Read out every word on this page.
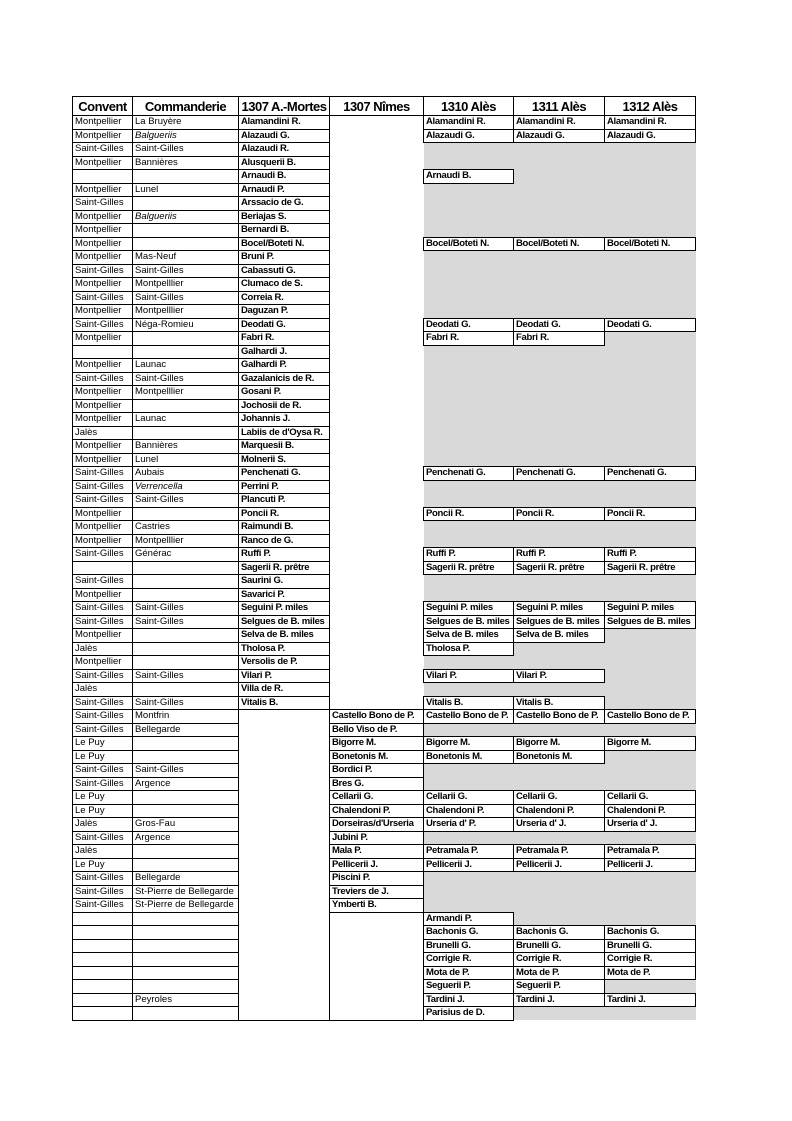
Convent	Commanderie	1307 A.-Mortes	1307 Nîmes	1310 Alès	1311 Alès	1312 Alès
Montpellier	La Bruyère	Alamandini R.		Alamandini R.	Alamandini R.	Alamandini R.
Montpellier	Balgueriis	Alazaudi G.		Alazaudi G.	Alazaudi G.	Alazaudi G.
Saint-Gilles	Saint-Gilles	Alazaudi R.				
Montpellier	Bannières	Alusquerii B.				
		Arnaudi B.		Arnaudi B.		
Montpellier	Lunel	Arnaudi P.				
Saint-Gilles		Arssacio de G.				
Montpellier	Balgueriis	Beriajas S.				
Montpellier		Bernardi B.				
Montpellier		Bocel/Boteti N.		Bocel/Boteti N.	Bocel/Boteti N.	Bocel/Boteti N.
Montpellier	Mas-Neuf	Bruni P.				
Saint-Gilles	Saint-Gilles	Cabassuti G.				
Montpellier	Montpelllier	Clumaco de S.				
Saint-Gilles	Saint-Gilles	Correia R.				
Montpellier	Montpelllier	Daguzan P.				
Saint-Gilles	Néga-Romieu	Deodati G.		Deodati G.	Deodati G.	Deodati G.
Montpellier		Fabri R.		Fabri R.	Fabri R.	
		Galhardi J.				
Montpellier	Launac	Galhardi P.				
Saint-Gilles	Saint-Gilles	Gazalanicis de R.				
Montpellier	Montpelllier	Gosani P.				
Montpellier		Jochosii de R.				
Montpellier	Launac	Johannis J.				
Jalès		Labiis de d'Oysa R.				
Montpellier	Bannières	Marquesii B.				
Montpellier	Lunel	Molnerii S.				
Saint-Gilles	Aubais	Penchenati G.		Penchenati G.	Penchenati G.	Penchenati G.
Saint-Gilles	Verrencella	Perrini P.				
Saint-Gilles	Saint-Gilles	Plancuti P.				
Montpellier		Poncii R.		Poncii R.	Poncii R.	Poncii R.
Montpellier	Castries	Raimundi B.				
Montpellier	Montpelllier	Ranco de G.				
Saint-Gilles	Générac	Ruffi P.		Ruffi P.	Ruffi P.	Ruffi P.
		Sagerii R. prêtre		Sagerii R. prêtre	Sagerii R. prêtre	Sagerii R. prêtre
Saint-Gilles		Saurini G.				
Montpellier		Savarici P.				
Saint-Gilles	Saint-Gilles	Seguini P. miles		Seguini P. miles	Seguini P. miles	Seguini P. miles
Saint-Gilles	Saint-Gilles	Selgues de B. miles		Selgues de B. miles	Selgues de B. miles	Selgues de B. miles
Montpellier		Selva de B. miles		Selva de B. miles	Selva de B. miles	
Jalès		Tholosa P.		Tholosa P.		
Montpellier		Versolis de P.				
Saint-Gilles	Saint-Gilles	Vilari P.		Vilari P.	Vilari P.	
Jalès		Villa de R.				
Saint-Gilles	Saint-Gilles	Vitalis B.		Vitalis B.	Vitalis B.	
Saint-Gilles	Montfrin		Castello Bono de P.	Castello Bono de P.	Castello Bono de P.	Castello Bono de P.
Saint-Gilles	Bellegarde		Bello Viso de P.			
Le Puy			Bigorre M.	Bigorre M.	Bigorre M.	Bigorre M.
Le Puy			Bonetonis M.	Bonetonis M.	Bonetonis M.	
Saint-Gilles	Saint-Gilles		Bordici P.			
Saint-Gilles	Argence		Bres G.			
Le Puy			Cellarii G.	Cellarii G.	Cellarii G.	Cellarii G.
Le Puy			Chalendoni P.	Chalendoni P.	Chalendoni P.	Chalendoni P.
Jalès	Gros-Fau		Dorseiras/d'Urseria	Urseria d' P.	Urseria d' J.	Urseria d' J.
Saint-Gilles	Argence		Jubini P.			
Jalès			Mala P.	Petramala P.	Petramala P.	Petramala P.
Le Puy			Pellicerii J.	Pellicerii J.	Pellicerii J.	Pellicerii J.
Saint-Gilles	Bellegarde		Piscini P.			
Saint-Gilles	St-Pierre de Bellegarde		Treviers de J.			
Saint-Gilles	St-Pierre de Bellegarde		Ymberti B.			
				Armandi P.		
				Bachonis G.	Bachonis G.	Bachonis G.
				Brunelli G.	Brunelli G.	Brunelli G.
				Corrigie R.	Corrigie R.	Corrigie R.
				Mota de P.	Mota de P.	Mota de P.
				Seguerii P.	Seguerii P.	
	Peyroles			Tardini J.	Tardini J.	Tardini J.
				Parisius de D.		
